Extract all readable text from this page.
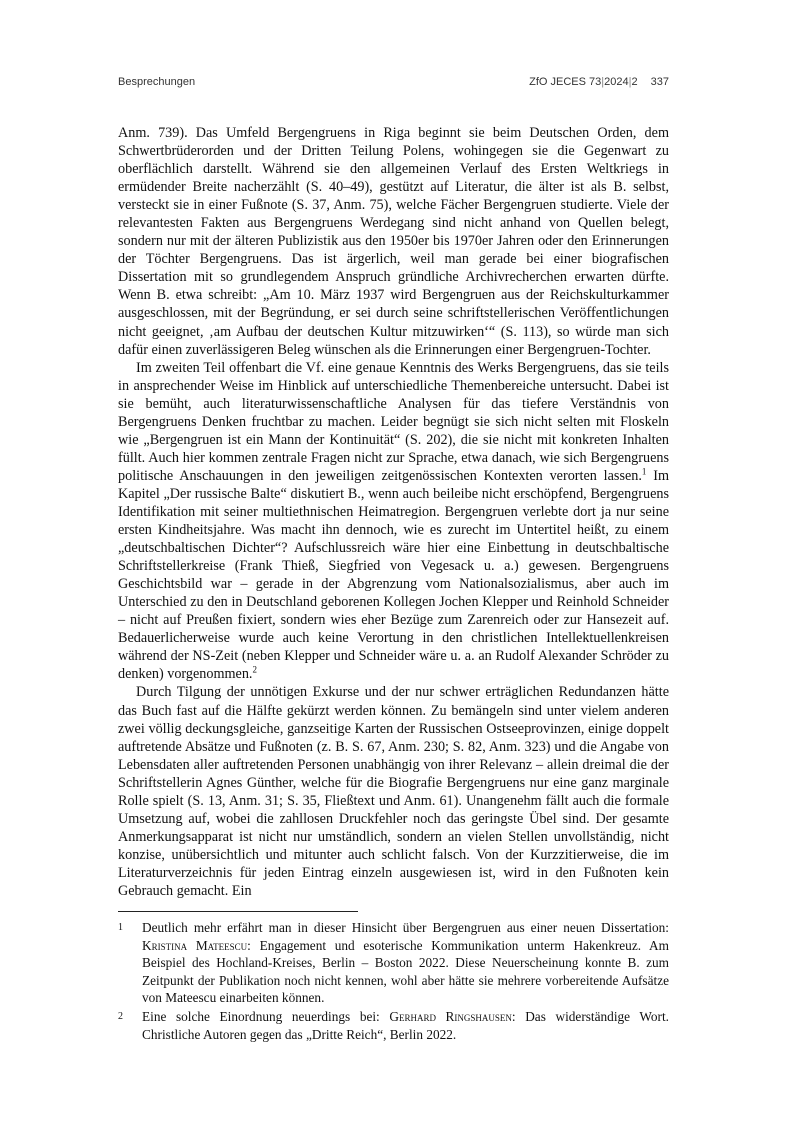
Besprechungen	ZfO JECES 73|2024|2 337

Anm. 739). Das Umfeld Bergengruens in Riga beginnt sie beim Deutschen Orden, dem Schwertbrüderorden und der Dritten Teilung Polens, wohingegen sie die Gegenwart zu oberflächlich darstellt. Während sie den allgemeinen Verlauf des Ersten Weltkriegs in ermüdender Breite nacherzählt (S. 40–49), gestützt auf Literatur, die älter ist als B. selbst, versteckt sie in einer Fußnote (S. 37, Anm. 75), welche Fächer Bergengruen studierte. Viele der relevantesten Fakten aus Bergengruens Werdegang sind nicht anhand von Quellen belegt, sondern nur mit der älteren Publizistik aus den 1950er bis 1970er Jahren oder den Erinnerungen der Töchter Bergengruens. Das ist ärgerlich, weil man gerade bei einer biografischen Dissertation mit so grundlegendem Anspruch gründliche Archivrecherchen erwarten dürfte. Wenn B. etwa schreibt: „Am 10. März 1937 wird Bergengruen aus der Reichskulturkammer ausgeschlossen, mit der Begründung, er sei durch seine schriftstellerischen Veröffentlichungen nicht geeignet, ‚am Aufbau der deutschen Kultur mitzuwirken‘“ (S. 113), so würde man sich dafür einen zuverlässigeren Beleg wünschen als die Erinnerungen einer Bergengruen-Tochter.

Im zweiten Teil offenbart die Vf. eine genaue Kenntnis des Werks Bergengruens, das sie teils in ansprechender Weise im Hinblick auf unterschiedliche Themenbereiche untersucht. Dabei ist sie bemüht, auch literaturwissenschaftliche Analysen für das tiefere Verständnis von Bergengruens Denken fruchtbar zu machen. Leider begnügt sie sich nicht selten mit Floskeln wie „Bergengruen ist ein Mann der Kontinuität“ (S. 202), die sie nicht mit konkreten Inhalten füllt. Auch hier kommen zentrale Fragen nicht zur Sprache, etwa danach, wie sich Bergengruens politische Anschauungen in den jeweiligen zeitgenössischen Kontexten verorten lassen.$^1$ Im Kapitel „Der russische Balte“ diskutiert B., wenn auch beileibe nicht erschöpfend, Bergengruens Identifikation mit seiner multiethnischen Heimatregion. Bergengruen verlebte dort ja nur seine ersten Kindheitsjahre. Was macht ihn dennoch, wie es zurecht im Untertitel heißt, zu einem „deutschbaltischen Dichter“? Aufschlussreich wäre hier eine Einbettung in deutschbaltische Schriftstellerkreise (Frank Thieß, Siegfried von Vegesack u. a.) gewesen. Bergengruens Geschichtsbild war – gerade in der Abgrenzung vom Nationalsozialismus, aber auch im Unterschied zu den in Deutschland geborenen Kollegen Jochen Klepper und Reinhold Schneider – nicht auf Preußen fixiert, sondern wies eher Bezüge zum Zarenreich oder zur Hansezeit auf. Bedauerlicherweise wurde auch keine Verortung in den christlichen Intellektuellenkreisen während der NS-Zeit (neben Klepper und Schneider wäre u. a. an Rudolf Alexander Schröder zu denken) vorgenommen.$^2$

Durch Tilgung der unnötigen Exkurse und der nur schwer erträglichen Redundanzen hätte das Buch fast auf die Hälfte gekürzt werden können. Zu bemängeln sind unter vielem anderen zwei völlig deckungsgleiche, ganzseitige Karten der Russischen Ostseeprovinzen, einige doppelt auftretende Absätze und Fußnoten (z. B. S. 67, Anm. 230; S. 82, Anm. 323) und die Angabe von Lebensdaten aller auftretenden Personen unabhängig von ihrer Relevanz – allein dreimal die der Schriftstellerin Agnes Günther, welche für die Biografie Bergengruens nur eine ganz marginale Rolle spielt (S. 13, Anm. 31; S. 35, Fließtext und Anm. 61). Unangenehm fällt auch die formale Umsetzung auf, wobei die zahllosen Druckfehler noch das geringste Übel sind. Der gesamte Anmerkungsapparat ist nicht nur umständlich, sondern an vielen Stellen unvollständig, nicht konzise, unübersichtlich und mitunter auch schlicht falsch. Von der Kurzzitierweise, die im Literaturverzeichnis für jeden Eintrag einzeln ausgewiesen ist, wird in den Fußnoten kein Gebrauch gemacht. Ein

1	Deutlich mehr erfährt man in dieser Hinsicht über Bergengruen aus einer neuen Dissertation: Kristina Mateescu: Engagement und esoterische Kommunikation unterm Hakenkreuz. Am Beispiel des Hochland-Kreises, Berlin – Boston 2022. Diese Neuerscheinung konnte B. zum Zeitpunkt der Publikation noch nicht kennen, wohl aber hätte sie mehrere vorbereitende Aufsätze von Mateescu einarbeiten können.
2	Eine solche Einordnung neuerdings bei: Gerhard Ringshausen: Das widerständige Wort. Christliche Autoren gegen das „Dritte Reich“, Berlin 2022.
